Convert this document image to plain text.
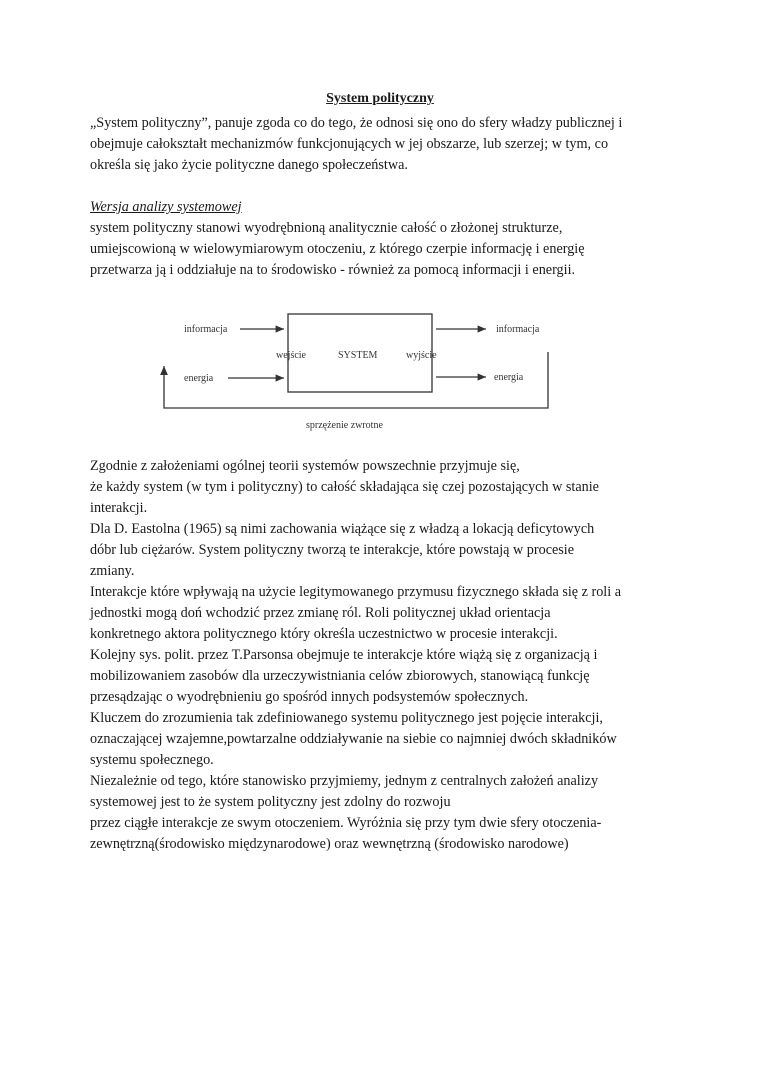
System polityczny
„System polityczny”, panuje zgoda co do tego, że odnosi się ono do sfery władzy publicznej i
obejmuje całokształt mechanizmów funkcjonujących w jej obszarze, lub szerzej; w tym, co
określa się jako życie polityczne danego społeczeństwa.
Wersja analizy systemowej
system polityczny stanowi wyodrębnioną analitycznie całość o złożonej strukturze,
umiejscowioną w wielowymiarowym otoczeniu, z którego czerpie informację i energię
przetwarza ją i oddziałuje na to środowisko - również za pomocą informacji i energii.
informacja
energia
wejście	SYSTEM	wyjście
informacja
energia
sprzężenie zwrotne
Zgodnie z założeniami ogólnej teorii systemów powszechnie przyjmuje się,
że każdy system (w tym i polityczny) to całość składająca się czej pozostających w stanie
interakcji.
Dla D. Eastolna (1965) są nimi zachowania wiążące się z władzą a lokacją deficytowych
dóbr lub ciężarów. System polityczny tworzą te interakcje, które powstają w procesie
zmiany.
Interakcje które wpływają na użycie legitymowanego przymusu fizycznego składa się z roli a
jednostki mogą doń wchodzić przez zmianę ról. Roli politycznej układ orientacja
konkretnego aktora politycznego który określa uczestnictwo w procesie interakcji.
Kolejny sys. polit. przez T.Parsonsa obejmuje te interakcje które wiążą się z organizacją i
mobilizowaniem zasobów dla urzeczywistniania celów zbiorowych, stanowiącą funkcję
przesądzając o wyodrębnieniu go spośród innych podsystemów społecznych.
Kluczem do zrozumienia tak zdefiniowanego systemu politycznego jest pojęcie interakcji,
oznaczającej wzajemne,powtarzalne oddziaływanie na siebie co najmniej dwóch składników
systemu społecznego.
Niezależnie od tego, które stanowisko przyjmiemy, jednym z centralnych założeń analizy
systemowej jest to że system polityczny jest zdolny do rozwoju
przez ciągłe interakcje ze swym otoczeniem. Wyróżnia się przy tym dwie sfery otoczenia-
zewnętrzną(środowisko międzynarodowe) oraz wewnętrzną (środowisko narodowe)
